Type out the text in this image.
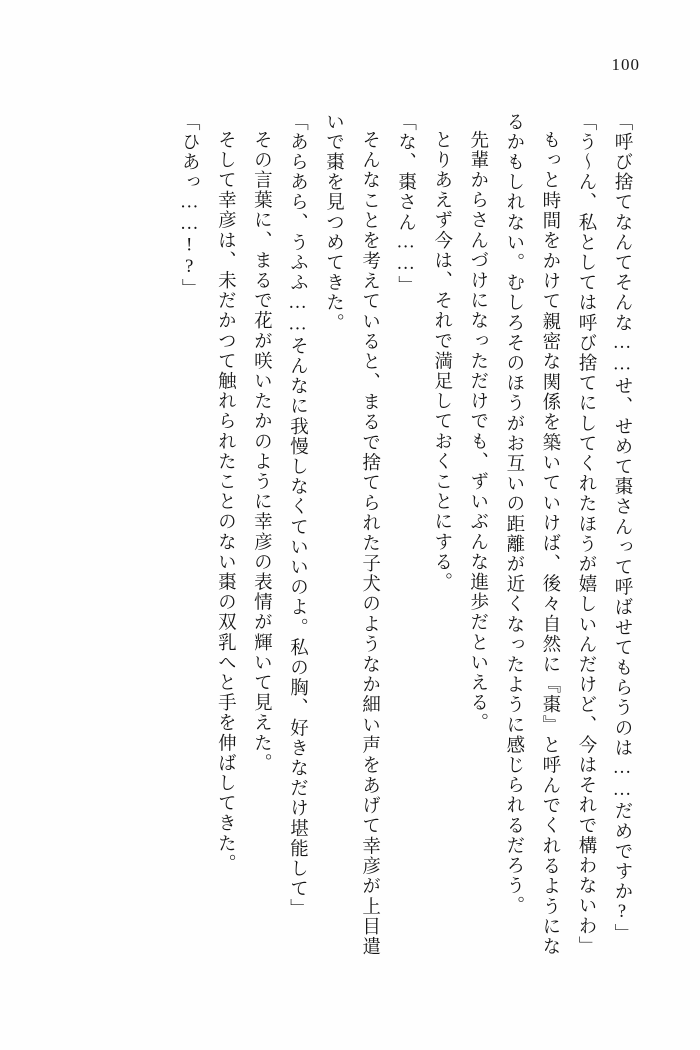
100

「呼び捨てなんてそんな……せ、せめて棗さんって呼ばせてもらうのは……だめですか?」

「う～ん、私としては呼び捨てにしてくれたほうが嬉しいんだけど、今はそれで構わないわ」

もっと時間をかけて親密な関係を築いていけば、後々自然に『棗』と呼んでくれるようになるかもしれない。むしろそのほうがお互いの距離が近くなったように感じられるだろう。

先輩からさんづけになっただけでも、ずいぶんな進歩だといえる。

とりあえず今は、それで満足しておくことにする。

「な、棗さん……」

そんなことを考えていると、まるで捨てられた子犬のようなか細い声をあげて幸彦が上目遣いで棗を見つめてきた。

「あらあら、うふふ……そんなに我慢しなくていいのよ。私の胸、好きなだけ堪能して」

その言葉に、まるで花が咲いたかのように幸彦の表情が輝いて見えた。

そして幸彦は、未だかつて触れられたことのない棗の双乳へと手を伸ばしてきた。

「ひあっ……!?」
